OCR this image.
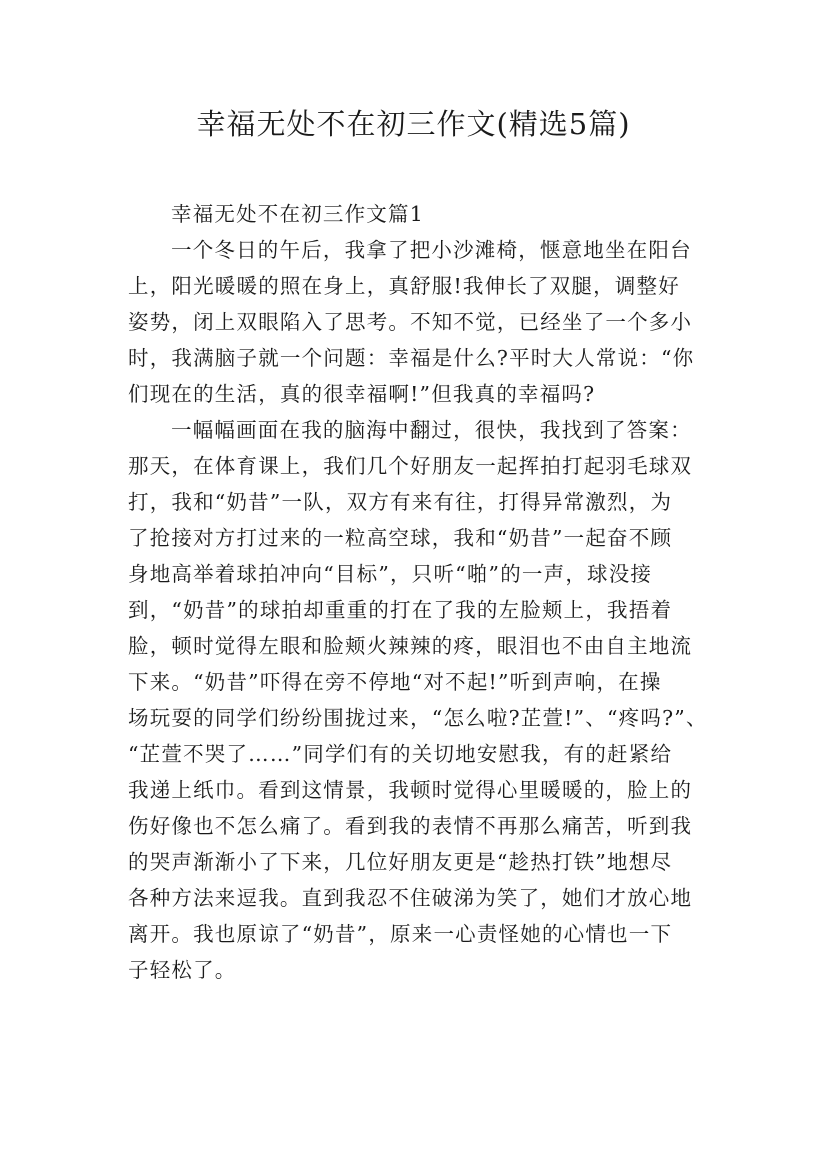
幸福无处不在初三作文(精选5篇)
幸福无处不在初三作文篇1
一个冬日的午后，我拿了把小沙滩椅，惬意地坐在阳台
上，阳光暖暖的照在身上，真舒服!我伸长了双腿，调整好
姿势，闭上双眼陷入了思考。不知不觉，已经坐了一个多小
时，我满脑子就一个问题：幸福是什么?平时大人常说：“你
们现在的生活，真的很幸福啊!”但我真的幸福吗?
一幅幅画面在我的脑海中翻过，很快，我找到了答案：
那天，在体育课上，我们几个好朋友一起挥拍打起羽毛球双
打，我和“奶昔”一队，双方有来有往，打得异常激烈，为
了抢接对方打过来的一粒高空球，我和“奶昔”一起奋不顾
身地高举着球拍冲向“目标”，只听“啪”的一声，球没接
到，“奶昔”的球拍却重重的打在了我的左脸颊上，我捂着
脸，顿时觉得左眼和脸颊火辣辣的疼，眼泪也不由自主地流
下来。“奶昔”吓得在旁不停地“对不起!”听到声响，在操
场玩耍的同学们纷纷围拢过来，“怎么啦?芷萱!”、“疼吗?”、
“芷萱不哭了……”同学们有的关切地安慰我，有的赶紧给
我递上纸巾。看到这情景，我顿时觉得心里暖暖的，脸上的
伤好像也不怎么痛了。看到我的表情不再那么痛苦，听到我
的哭声渐渐小了下来，几位好朋友更是“趁热打铁”地想尽
各种方法来逗我。直到我忍不住破涕为笑了，她们才放心地
离开。我也原谅了“奶昔”，原来一心责怪她的心情也一下
子轻松了。
